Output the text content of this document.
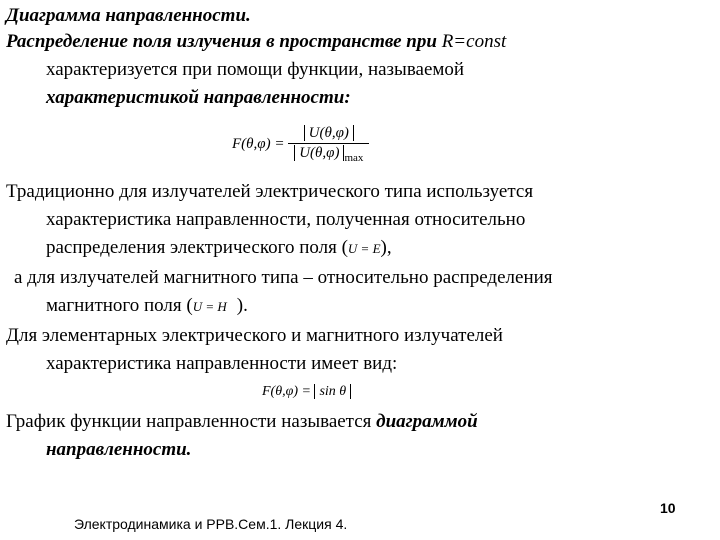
Диаграмма направленности.
Распределение поля излучения в пространстве при R=const
характеризуется при помощи функции, называемой
характеристикой направленности:
$F(\theta,\varphi) = \frac{U(\theta,\varphi)}{U(\theta,\varphi) _{max}}$
Традиционно для излучателей электрического типа используется
характеристика направленности, полученная относительно
распределения электрического поля (U = E),
а для излучателей магнитного типа – относительно распределения
магнитного поля (U = H ).
Для элементарных электрического и магнитного излучателей
характеристика направленности имеет вид:
F(θ,φ) = sin θ
График функции направленности называется диаграммой
направленности.
10
Электродинамика и РРВ.Сем.1. Лекция 4.
